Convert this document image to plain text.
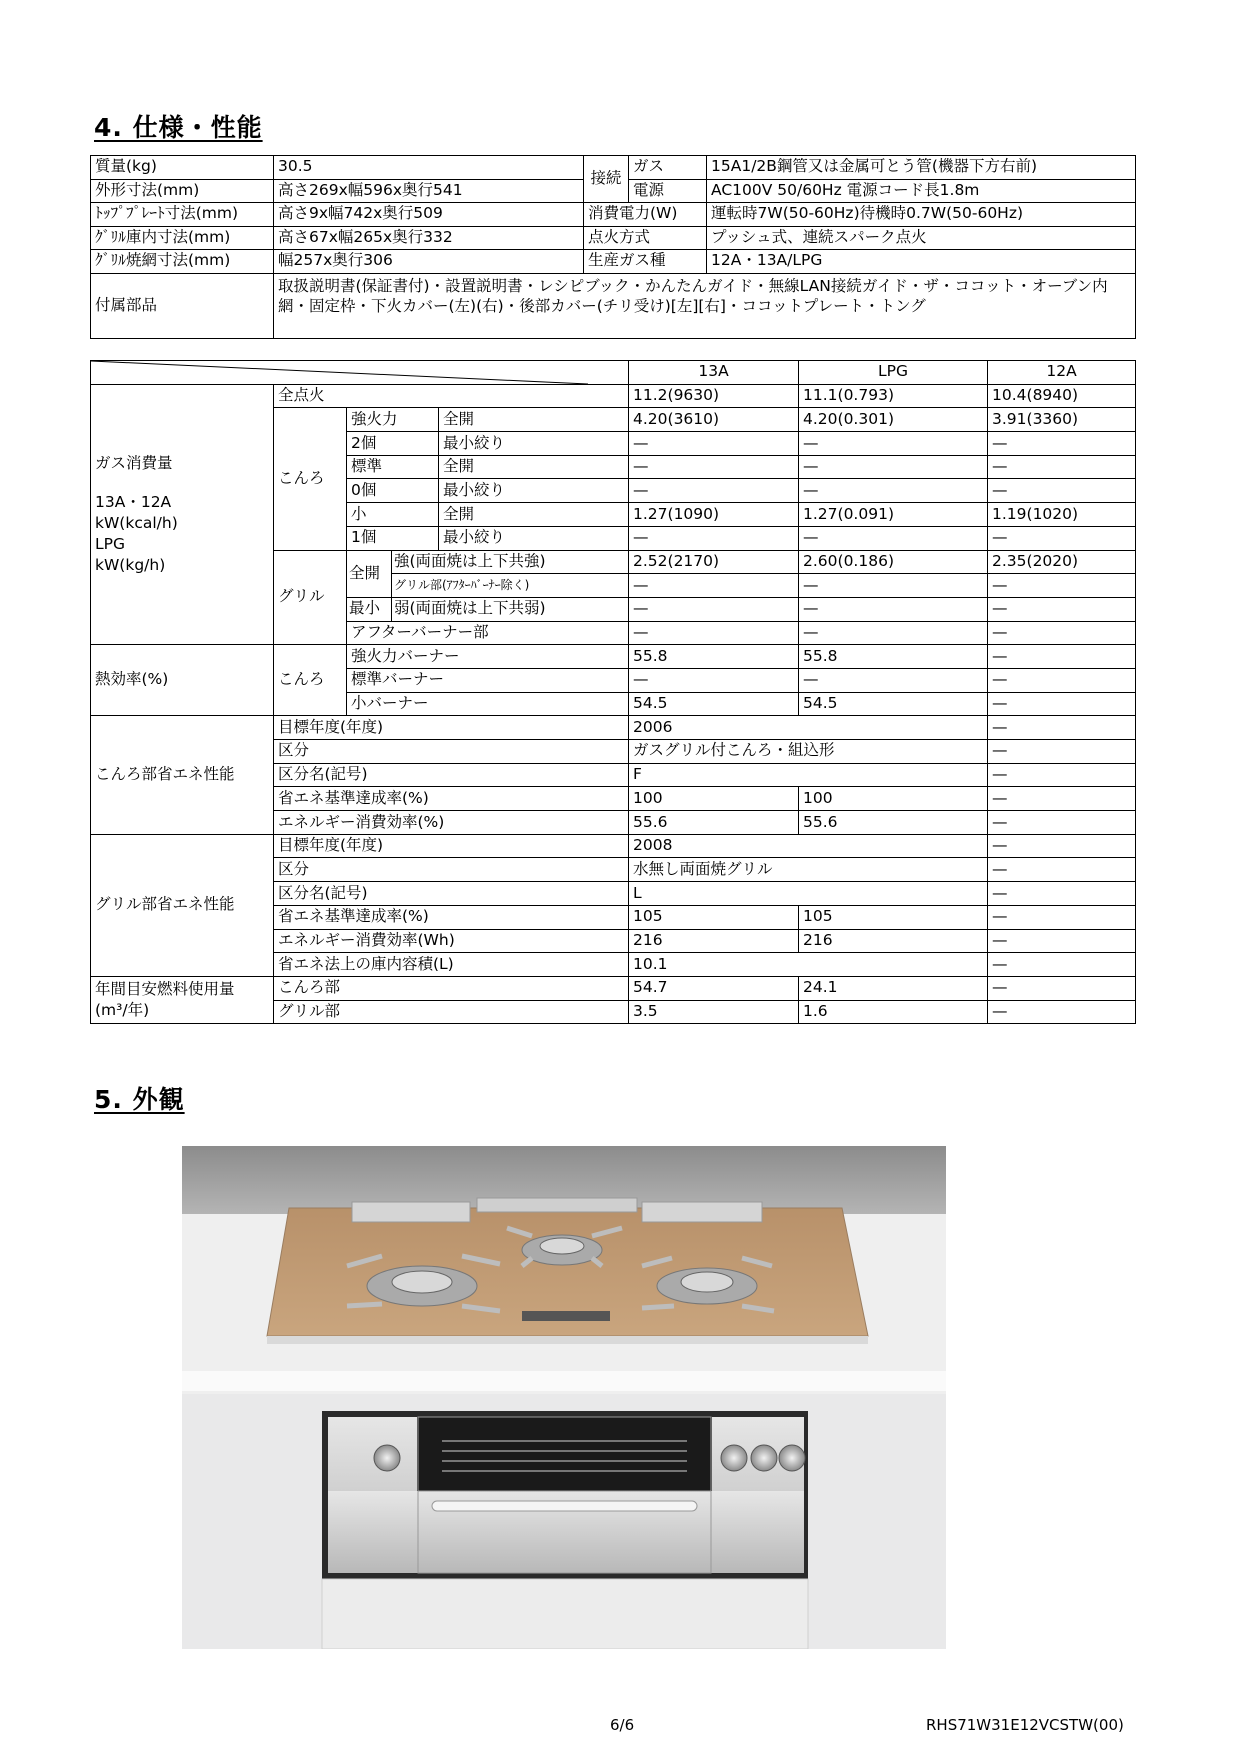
4. 仕様・性能
質量(kg)	30.5	接続	ガス	15A1/2B鋼管又は金属可とう管(機器下方右前)
外形寸法(mm)	高さ269x幅596x奥行541		電源	AC100V 50/60Hz 電源コード長1.8m
ﾄｯﾌﾟﾌﾟﾚｰﾄ寸法(mm)	高さ9x幅742x奥行509	消費電力(W)		運転時7W(50-60Hz)待機時0.7W(50-60Hz)
ｸﾞﾘﾙ庫内寸法(mm)	高さ67x幅265x奥行332	点火方式		プッシュ式、連続スパーク点火
ｸﾞﾘﾙ焼網寸法(mm)	幅257x奥行306	生産ガス種		12A・13A/LPG
付属部品	取扱説明書(保証書付)・設置説明書・レシピブック・かんたんガイド・無線LAN接続ガイド・ザ・ココット・オーブン内網・固定枠・下火カバー(左)(右)・後部カバー(チリ受け)[左][右]・ココットプレート・トング			
	13A	LPG	12A

ガス消費量
13A・12A
kW(kcal/h)
LPG
kW(kg/h)	全点火				11.2(9630)	11.1(0.793)	10.4(8940)
	こんろ	強火力		全開	4.20(3610)	4.20(0.301)	3.91(3360)
		2個		最小絞り	—	—	—
		標準		全開	—	—	—
		0個		最小絞り	—	—	—
		小		全開	1.27(1090)	1.27(0.091)	1.19(1020)
		1個		最小絞り	—	—	—
	グリル	全開	強(両面焼は上下共強)		2.52(2170)	2.60(0.186)	2.35(2020)
			グリル部(ｱﾌﾀｰﾊﾞｰﾅｰ除く)		—	—	—
		最小	弱(両面焼は上下共弱)		—	—	—
		アフターバーナー部			—	—	—
熱効率(%)	こんろ	強火力バーナー			55.8	55.8	—
		標準バーナー			—	—	—
		小バーナー			54.5	54.5	—
こんろ部省エネ性能	目標年度(年度)				2006		—
	区分				ガスグリル付こんろ・組込形		—
	区分名(記号)				F		—
	省エネ基準達成率(%)				100	100	—
	エネルギー消費効率(%)				55.6	55.6	—
グリル部省エネ性能	目標年度(年度)				2008		—
	区分				水無し両面焼グリル		—
	区分名(記号)				L		—
	省エネ基準達成率(%)				105	105	—
	エネルギー消費効率(Wh)				216	216	—
	省エネ法上の庫内容積(L)				10.1		—

年間目安燃料使用量
(m³/年)	こんろ部				54.7	24.1	—
	グリル部				3.5	1.6	—
5. 外観
6/6	RHS71W31E12VCSTW(00)
